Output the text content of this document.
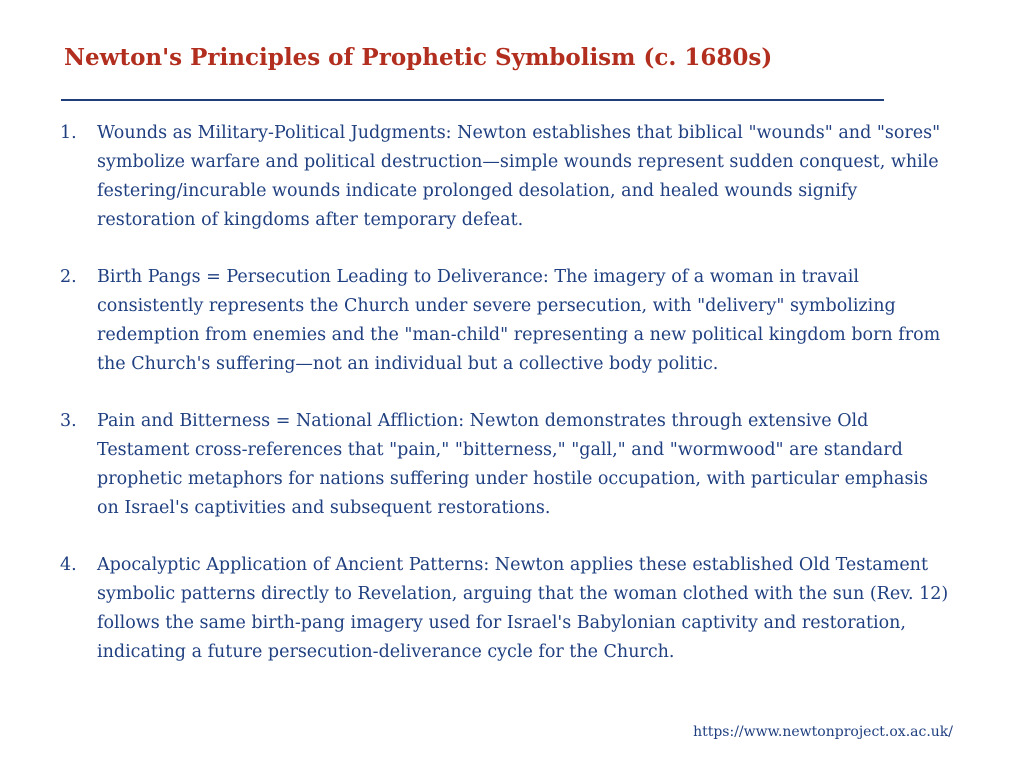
Newton's Principles of Prophetic Symbolism (c. 1680s)
1. Wounds as Military-Political Judgments: Newton establishes that biblical "wounds" and "sores" symbolize warfare and political destruction—simple wounds represent sudden conquest, while festering/incurable wounds indicate prolonged desolation, and healed wounds signify restoration of kingdoms after temporary defeat.
2. Birth Pangs = Persecution Leading to Deliverance: The imagery of a woman in travail consistently represents the Church under severe persecution, with "delivery" symbolizing redemption from enemies and the "man-child" representing a new political kingdom born from the Church's suffering—not an individual but a collective body politic.
3. Pain and Bitterness = National Affliction: Newton demonstrates through extensive Old Testament cross-references that "pain," "bitterness," "gall," and "wormwood" are standard prophetic metaphors for nations suffering under hostile occupation, with particular emphasis on Israel's captivities and subsequent restorations.
4. Apocalyptic Application of Ancient Patterns: Newton applies these established Old Testament symbolic patterns directly to Revelation, arguing that the woman clothed with the sun (Rev. 12) follows the same birth-pang imagery used for Israel's Babylonian captivity and restoration, indicating a future persecution-deliverance cycle for the Church.
https://www.newtonproject.ox.ac.uk/
